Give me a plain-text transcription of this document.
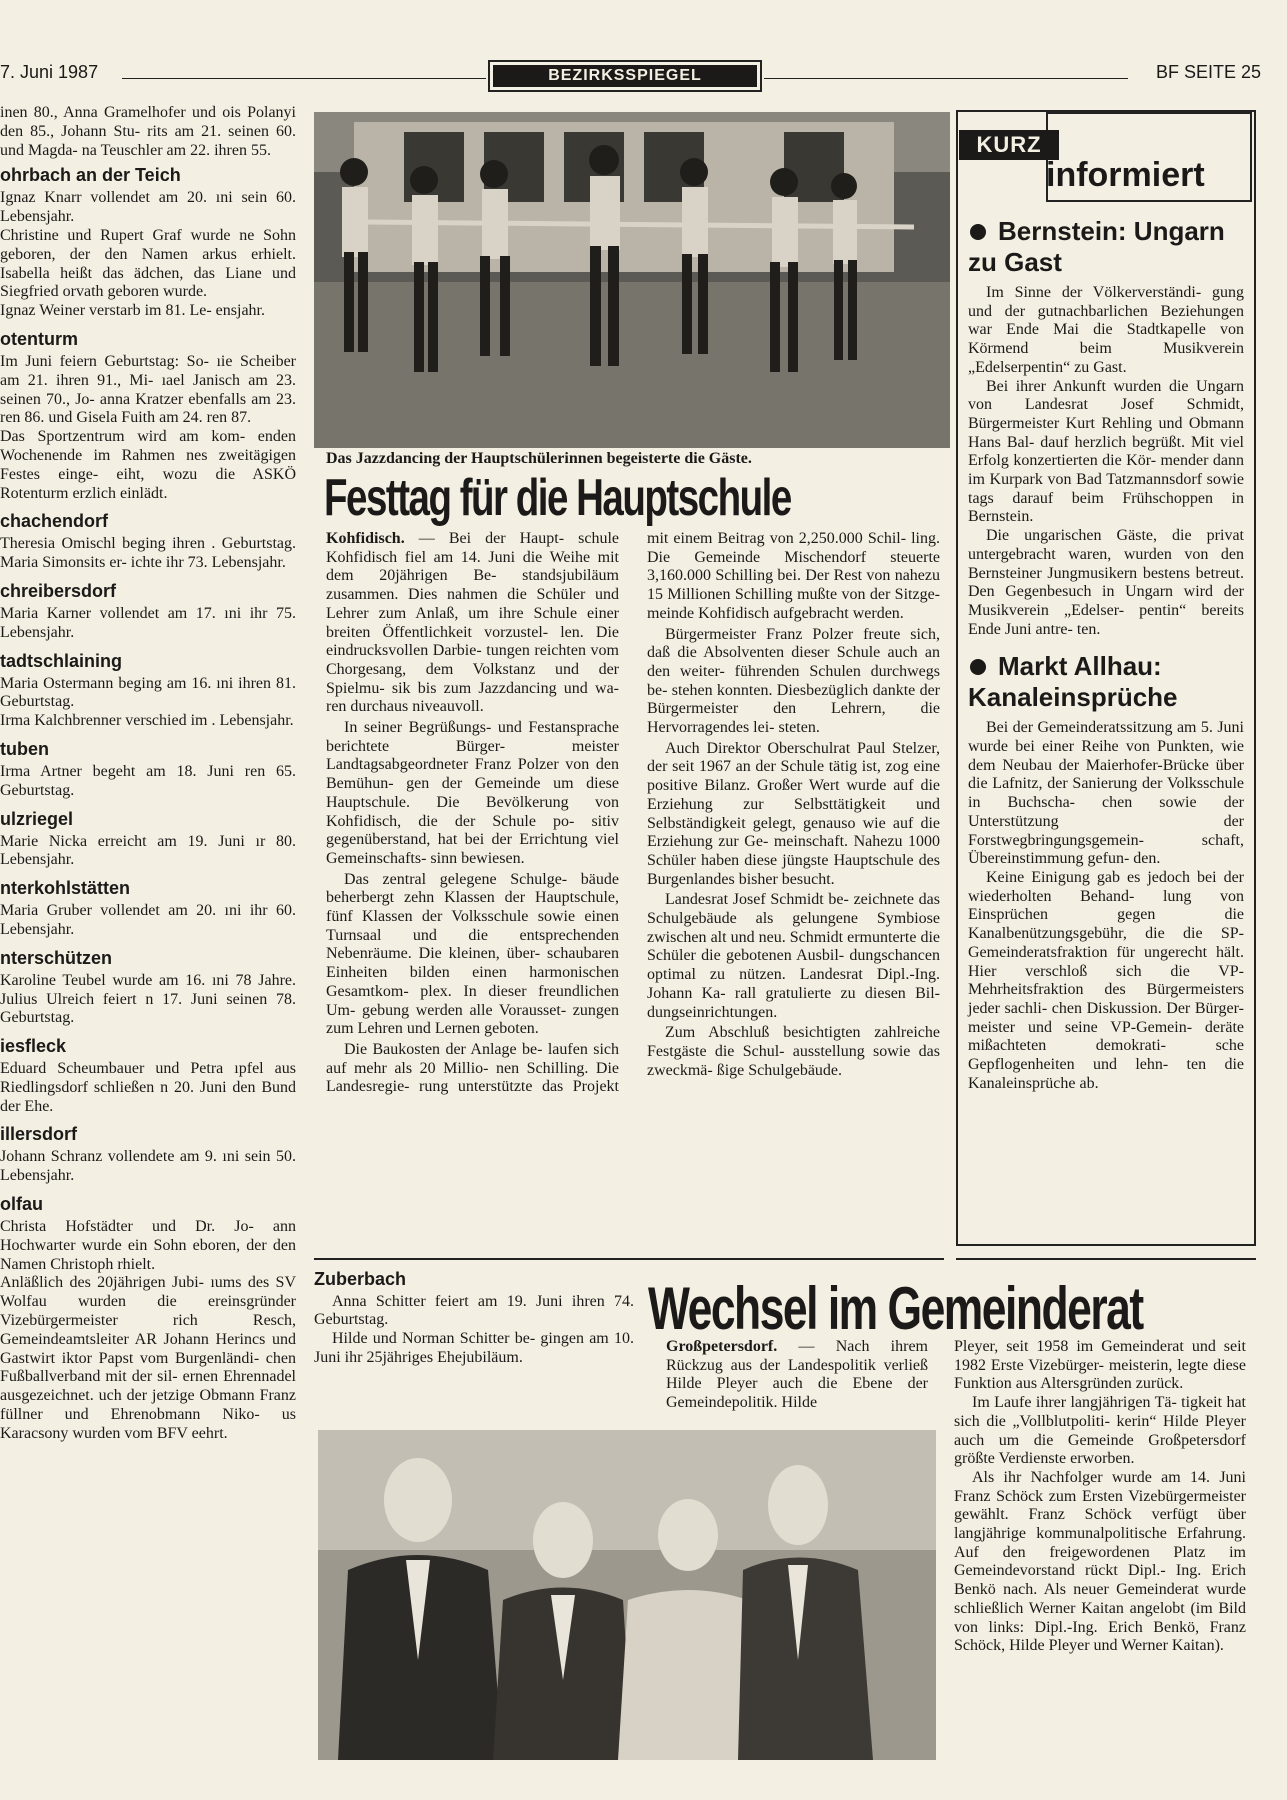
7. Juni 1987	BEZIRKSSPIEGEL	BF SEITE 25

inen 80., Anna Gramelhofer und ois Polanyi den 85., Johann Stu- rits am 21. seinen 60. und Magda- na Teuschler am 22. ihren 55.

ohrbach an der Teich

Ignaz Knarr vollendet am 20. ıni sein 60. Lebensjahr.

Christine und Rupert Graf wurde ne Sohn geboren, der den Namen arkus erhielt. Isabella heißt das ädchen, das Liane und Siegfried orvath geboren wurde.

Ignaz Weiner verstarb im 81. Le- ensjahr.

otenturm

Im Juni feiern Geburtstag: So- ıie Scheiber am 21. ihren 91., Mi- ıael Janisch am 23. seinen 70., Jo- anna Kratzer ebenfalls am 23. ren 86. und Gisela Fuith am 24. ren 87.

Das Sportzentrum wird am kom- enden Wochenende im Rahmen nes zweitägigen Festes einge- eiht, wozu die ASKÖ Rotenturm erzlich einlädt.

chachendorf

Theresia Omischl beging ihren . Geburtstag. Maria Simonsits er- ichte ihr 73. Lebensjahr.

chreibersdorf

Maria Karner vollendet am 17. ıni ihr 75. Lebensjahr.

tadtschlaining

Maria Ostermann beging am 16. ıni ihren 81. Geburtstag.

Irma Kalchbrenner verschied im . Lebensjahr.

tuben

Irma Artner begeht am 18. Juni ren 65. Geburtstag.

ulzriegel

Marie Nicka erreicht am 19. Juni ır 80. Lebensjahr.

nterkohlstätten

Maria Gruber vollendet am 20. ıni ihr 60. Lebensjahr.

nterschützen

Karoline Teubel wurde am 16. ıni 78 Jahre. Julius Ulreich feiert n 17. Juni seinen 78. Geburtstag.

iesfleck

Eduard Scheumbauer und Petra ıpfel aus Riedlingsdorf schließen n 20. Juni den Bund der Ehe.

illersdorf

Johann Schranz vollendete am 9. ıni sein 50. Lebensjahr.

olfau

Christa Hofstädter und Dr. Jo- ann Hochwarter wurde ein Sohn eboren, der den Namen Christoph rhielt.

Anläßlich des 20jährigen Jubi- ıums des SV Wolfau wurden die ereinsgründer Vizebürgermeister rich Resch, Gemeindeamtsleiter AR Johann Herincs und Gastwirt iktor Papst vom Burgenländi- chen Fußballverband mit der sil- ernen Ehrennadel ausgezeichnet. uch der jetzige Obmann Franz füllner und Ehrenobmann Niko- us Karacsony wurden vom BFV eehrt.

Das Jazzdancing der Hauptschülerinnen begeisterte die Gäste.
Festtag für die Hauptschule

Kohfidisch. — Bei der Haupt- schule Kohfidisch fiel am 14. Juni die Weihe mit dem 20jährigen Be- standsjubiläum zusammen. Dies nahmen die Schüler und Lehrer zum Anlaß, um ihre Schule einer breiten Öffentlichkeit vorzustel- len. Die eindrucksvollen Darbie- tungen reichten vom Chorgesang, dem Volkstanz und der Spielmu- sik bis zum Jazzdancing und wa- ren durchaus niveauvoll.

In seiner Begrüßungs- und Festansprache berichtete Bürger- meister Landtagsabgeordneter Franz Polzer von den Bemühun- gen der Gemeinde um diese Hauptschule. Die Bevölkerung von Kohfidisch, die der Schule po- sitiv gegenüberstand, hat bei der Errichtung viel Gemeinschafts- sinn bewiesen.

Das zentral gelegene Schulge- bäude beherbergt zehn Klassen der Hauptschule, fünf Klassen der Volksschule sowie einen Turnsaal und die entsprechenden Nebenräume. Die kleinen, über- schaubaren Einheiten bilden einen harmonischen Gesamtkom- plex. In dieser freundlichen Um- gebung werden alle Vorausset- zungen zum Lehren und Lernen geboten.

Die Baukosten der Anlage be- laufen sich auf mehr als 20 Millio- nen Schilling. Die Landesregie- rung unterstützte das Projekt mit einem Beitrag von 2,250.000 Schil- ling. Die Gemeinde Mischendorf steuerte 3,160.000 Schilling bei. Der Rest von nahezu 15 Millionen Schilling mußte von der Sitzge- meinde Kohfidisch aufgebracht werden.

Bürgermeister Franz Polzer freute sich, daß die Absolventen dieser Schule auch an den weiter- führenden Schulen durchwegs be- stehen konnten. Diesbezüglich dankte der Bürgermeister den Lehrern, die Hervorragendes lei- steten.

Auch Direktor Oberschulrat Paul Stelzer, der seit 1967 an der Schule tätig ist, zog eine positive Bilanz. Großer Wert wurde auf die Erziehung zur Selbsttätigkeit und Selbständigkeit gelegt, genauso wie auf die Erziehung zur Ge- meinschaft. Nahezu 1000 Schüler haben diese jüngste Hauptschule des Burgenlandes bisher besucht.

Landesrat Josef Schmidt be- zeichnete das Schulgebäude als gelungene Symbiose zwischen alt und neu. Schmidt ermunterte die Schüler die gebotenen Ausbil- dungschancen optimal zu nützen. Landesrat Dipl.-Ing. Johann Ka- rall gratulierte zu diesen Bil- dungseinrichtungen.

Zum Abschluß besichtigten zahlreiche Festgäste die Schul- ausstellung sowie das zweckmä- ßige Schulgebäude.

KURZ
informiert
Bernstein: Ungarn zu Gast

Im Sinne der Völkerverständi- gung und der gutnachbarlichen Beziehungen war Ende Mai die Stadtkapelle von Körmend beim Musikverein „Edelserpentin“ zu Gast.

Bei ihrer Ankunft wurden die Ungarn von Landesrat Josef Schmidt, Bürgermeister Kurt Rehling und Obmann Hans Bal- dauf herzlich begrüßt. Mit viel Erfolg konzertierten die Kör- mender dann im Kurpark von Bad Tatzmannsdorf sowie tags darauf beim Frühschoppen in Bernstein.

Die ungarischen Gäste, die privat untergebracht waren, wurden von den Bernsteiner Jungmusikern bestens betreut. Den Gegenbesuch in Ungarn wird der Musikverein „Edelser- pentin“ bereits Ende Juni antre- ten.

Markt Allhau: Kanaleinsprüche

Bei der Gemeinderatssitzung am 5. Juni wurde bei einer Reihe von Punkten, wie dem Neubau der Maierhofer-Brücke über die Lafnitz, der Sanierung der Volksschule in Buchscha- chen sowie der Unterstützung der Forstwegbringungsgemein- schaft, Übereinstimmung gefun- den.

Keine Einigung gab es jedoch bei der wiederholten Behand- lung von Einsprüchen gegen die Kanalbenützungsgebühr, die die SP-Gemeinderatsfraktion für ungerecht hält. Hier verschloß sich die VP-Mehrheitsfraktion des Bürgermeisters jeder sachli- chen Diskussion. Der Bürger- meister und seine VP-Gemein- deräte mißachteten demokrati- sche Gepflogenheiten und lehn- ten die Kanaleinsprüche ab.

Zuberbach

Anna Schitter feiert am 19. Juni ihren 74. Geburtstag.

Hilde und Norman Schitter be- gingen am 10. Juni ihr 25jähriges Ehejubiläum.

Wechsel im Gemeinderat

Großpetersdorf. — Nach ihrem Rückzug aus der Landespolitik verließ Hilde Pleyer auch die Ebene der Gemeindepolitik. Hilde

Pleyer, seit 1958 im Gemeinderat und seit 1982 Erste Vizebürger- meisterin, legte diese Funktion aus Altersgründen zurück.

Im Laufe ihrer langjährigen Tä- tigkeit hat sich die „Vollblutpoliti- kerin“ Hilde Pleyer auch um die Gemeinde Großpetersdorf größte Verdienste erworben.

Als ihr Nachfolger wurde am 14. Juni Franz Schöck zum Ersten Vizebürgermeister gewählt. Franz Schöck verfügt über langjährige kommunalpolitische Erfahrung. Auf den freigewordenen Platz im Gemeindevorstand rückt Dipl.- Ing. Erich Benkö nach. Als neuer Gemeinderat wurde schließlich Werner Kaitan angelobt (im Bild von links: Dipl.-Ing. Erich Benkö, Franz Schöck, Hilde Pleyer und Werner Kaitan).
